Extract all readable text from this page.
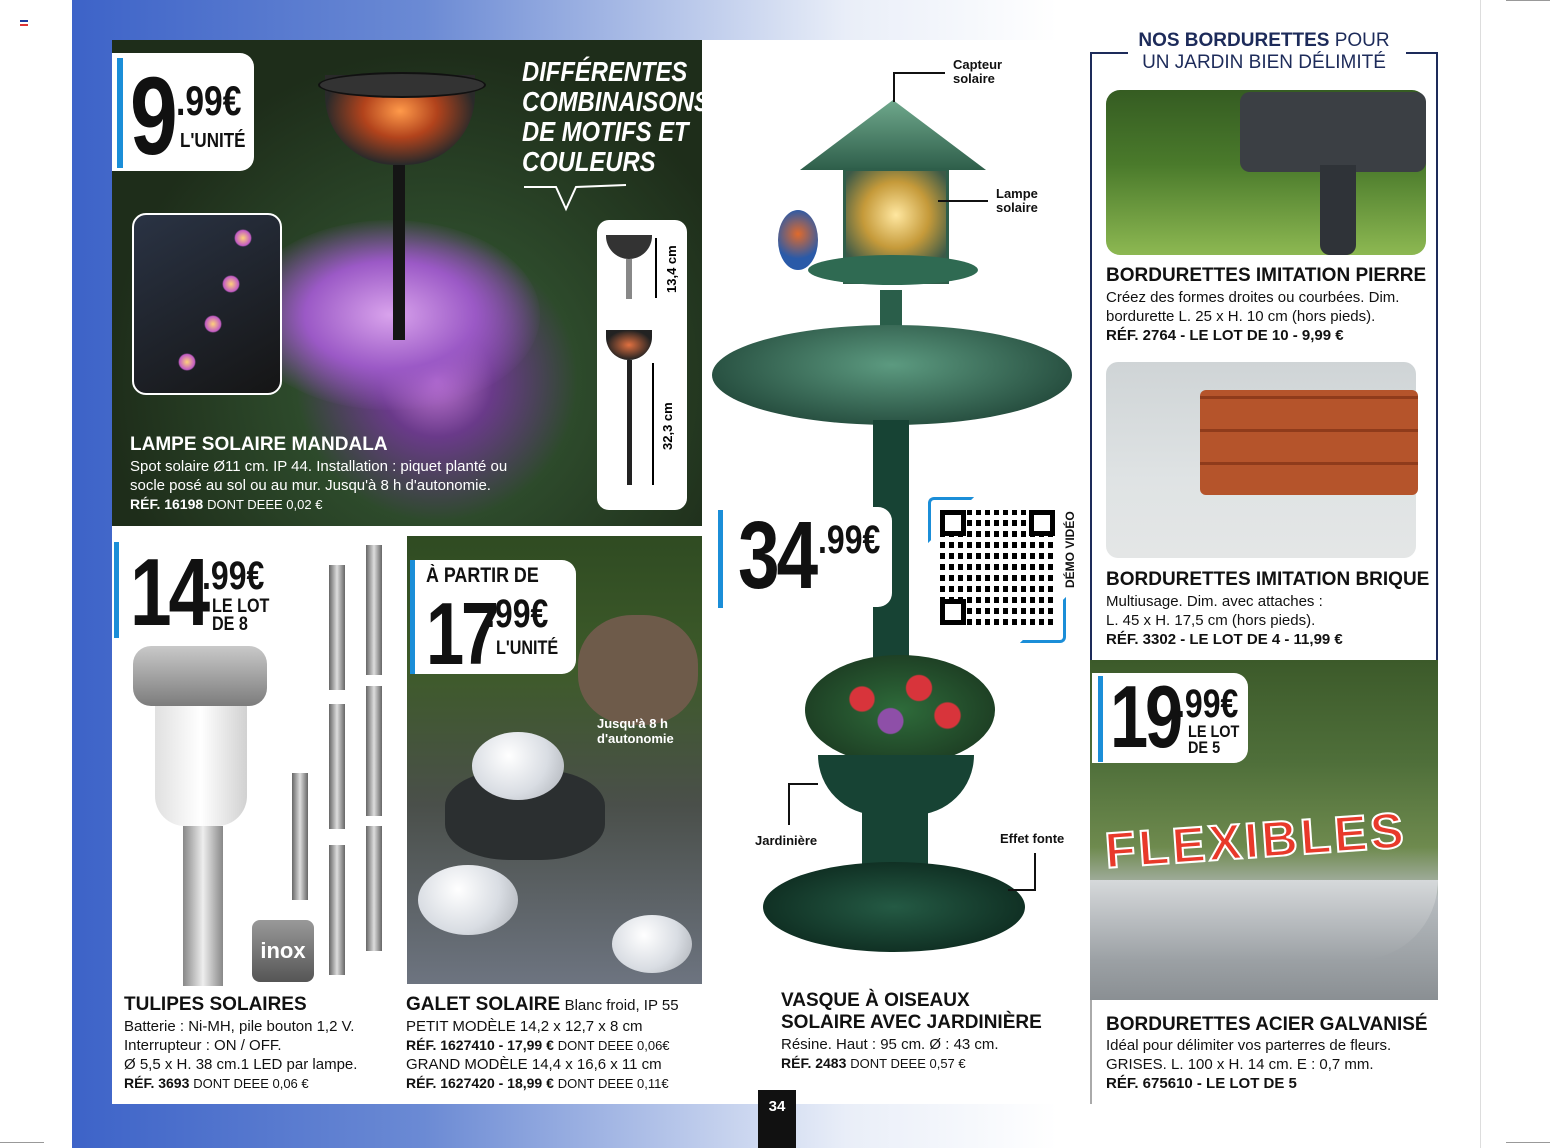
13,4 cm
32,3 cm
9 .99€
L'UNITÉ
DIFFÉRENTES
COMBINAISONS
DE MOTIFS ET
COULEURS
LAMPE SOLAIRE MANDALA
Spot solaire Ø11 cm. IP 44. Installation : piquet planté ou
socle posé au sol ou au mur. Jusqu'à 8 h d'autonomie.
RÉF. 16198 DONT DEEE 0,02 €
14
.99€
LE LOT
DE 8
inox
TULIPES SOLAIRES
Batterie : Ni-MH, pile bouton 1,2 V.
Interrupteur : ON / OFF.
Ø 5,5 x H. 38 cm.1 LED par lampe.
RÉF. 3693 DONT DEEE 0,06 €
Jusqu'à 8 h d'autonomie
À PARTIR DE
17
.99€
L'UNITÉ
GALET SOLAIRE Blanc froid, IP 55
PETIT MODÈLE 14,2 x 12,7 x 8 cm
RÉF. 1627410 - 17,99 € DONT DEEE 0,06€
GRAND MODÈLE 14,4 x 16,6 x 11 cm
RÉF. 1627420 - 18,99 € DONT DEEE 0,11€
Capteur
solaire
Lampe
solaire
Jardinière	Effet fonte
34 .99€	DÉMO VIDÉO
VASQUE À OISEAUX
SOLAIRE AVEC JARDINIÈRE
Résine. Haut : 95 cm. Ø : 43 cm.
RÉF. 2483 DONT DEEE 0,57 €
NOS BORDURETTES POUR
UN JARDIN BIEN DÉLIMITÉ
BORDURETTES IMITATION PIERRE
Créez des formes droites ou courbées. Dim.
bordurette L. 25 x H. 10 cm (hors pieds).
RÉF. 2764 - LE LOT DE 10 - 9,99 €
BORDURETTES IMITATION BRIQUE
Multiusage. Dim. avec attaches :
L. 45 x H. 17,5 cm (hors pieds).
RÉF. 3302 - LE LOT DE 4 - 11,99 €
FLEXIBLES
19
.99€
LE LOT
DE 5
BORDURETTES ACIER GALVANISÉ
Idéal pour délimiter vos parterres de fleurs.
GRISES. L. 100 x H. 14 cm. E : 0,7 mm.
RÉF. 675610 - LE LOT DE 5
34
